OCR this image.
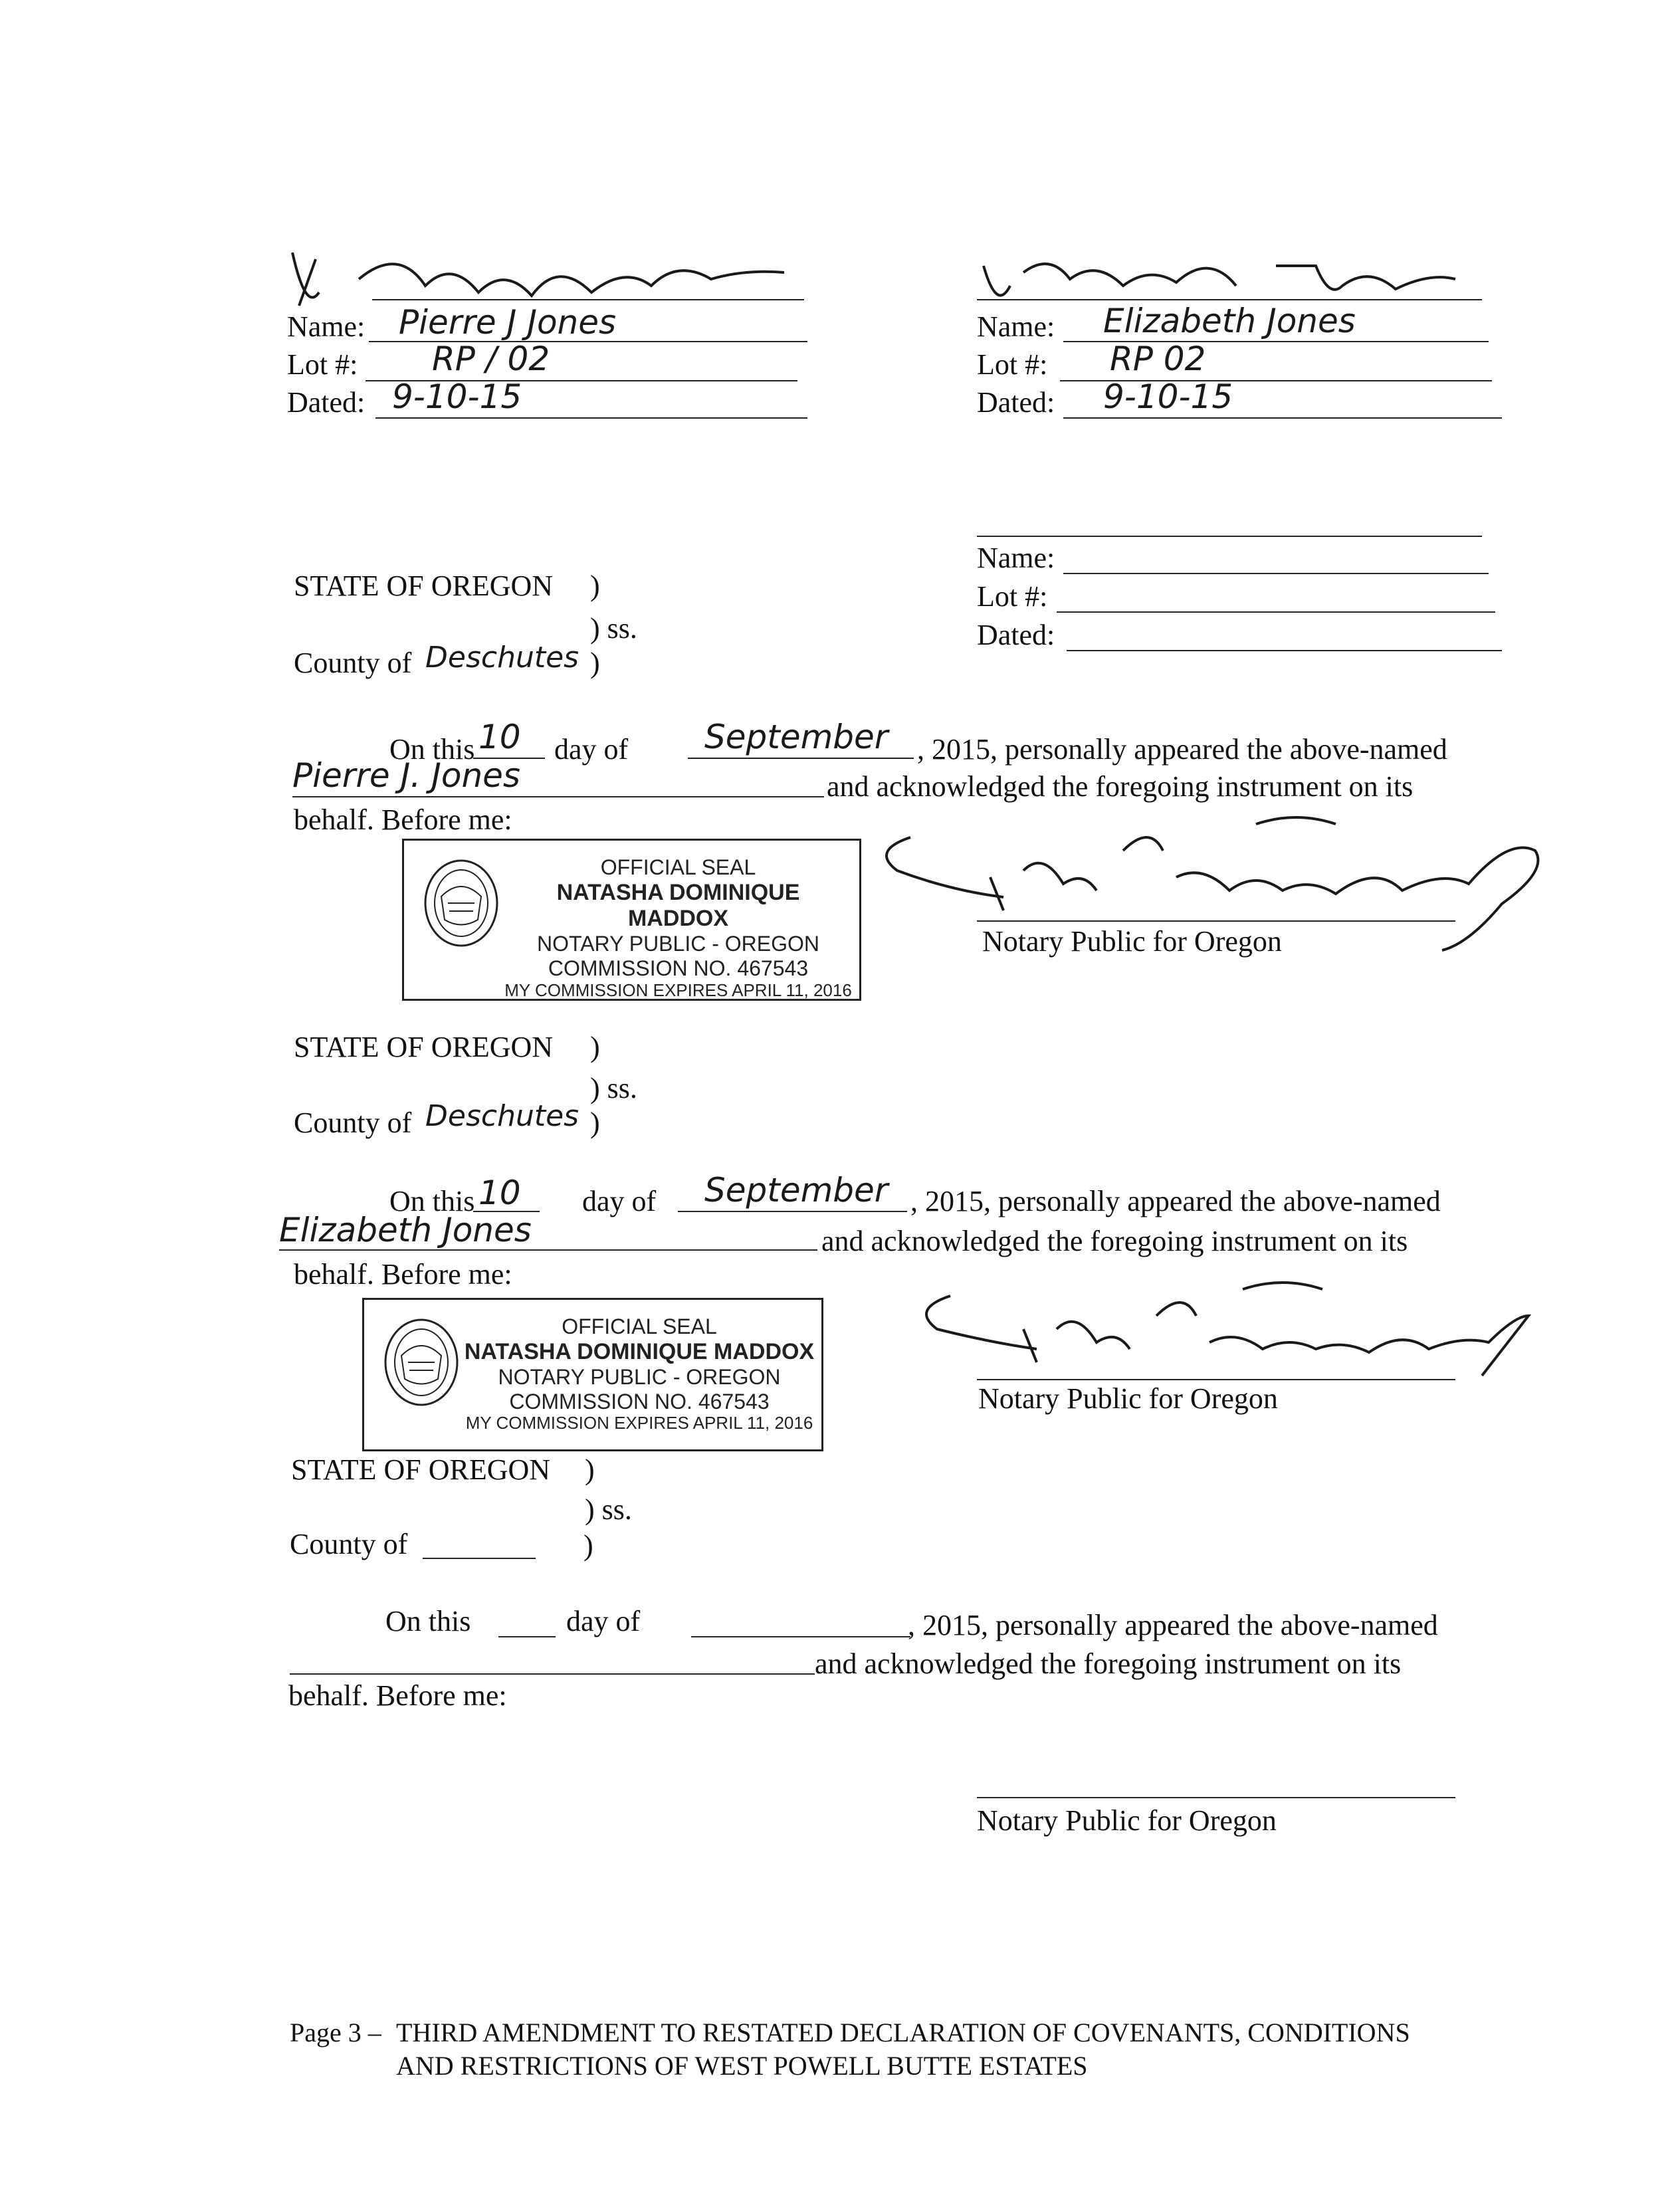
Name: Pierre J Jones
Lot #: RP / 02
Dated: 9-10-15
Name: Elizabeth Jones
Lot #: RP 02
Dated: 9-10-15
Name:
Lot #:
Dated:
STATE OF OREGON )
) ss.
County of Deschutes )
On this 10 day of September , 2015, personally appeared the above-named
Pierre J. Jones	and acknowledged the foregoing instrument on its
behalf. Before me:
OFFICIAL SEAL
NATASHA DOMINIQUE MADDOX
NOTARY PUBLIC - OREGON
COMMISSION NO. 467543
MY COMMISSION EXPIRES APRIL 11, 2016
Notary Public for Oregon
STATE OF OREGON )
) ss.
County of Deschutes )
On this 10 day of September , 2015, personally appeared the above-named
Elizabeth Jones	and acknowledged the foregoing instrument on its
behalf. Before me:
OFFICIAL SEAL
NATASHA DOMINIQUE MADDOX
NOTARY PUBLIC - OREGON
COMMISSION NO. 467543
MY COMMISSION EXPIRES APRIL 11, 2016
Notary Public for Oregon
STATE OF OREGON )
) ss.
County of	)
On this	day of	, 2015, personally appeared the above-named
and acknowledged the foregoing instrument on its
behalf. Before me:
Notary Public for Oregon
Page 3 – THIRD AMENDMENT TO RESTATED DECLARATION OF COVENANTS, CONDITIONS
AND RESTRICTIONS OF WEST POWELL BUTTE ESTATES
